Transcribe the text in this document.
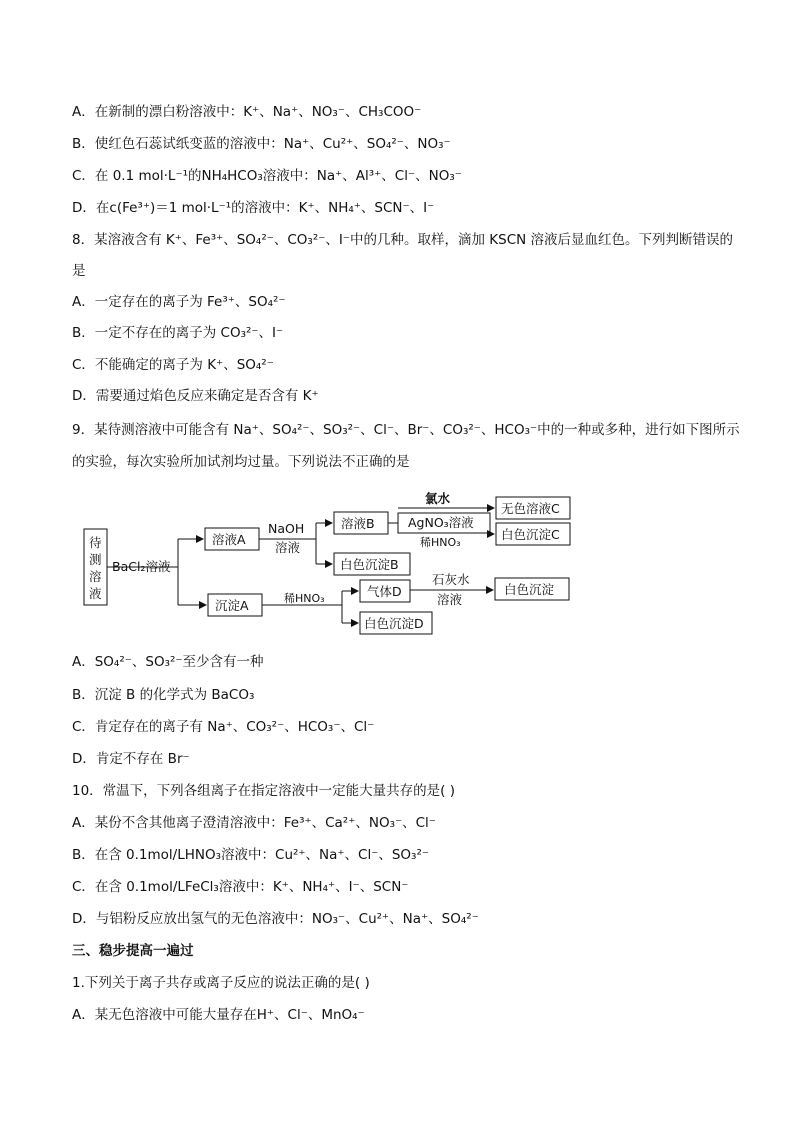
A．在新制的漂白粉溶液中：K⁺、Na⁺、NO₃⁻、CH₃COO⁻
B．使红色石蕊试纸变蓝的溶液中：Na⁺、Cu²⁺、SO₄²⁻、NO₃⁻
C．在 0.1 mol·L⁻¹的NH₄HCO₃溶液中：Na⁺、Al³⁺、Cl⁻、NO₃⁻
D．在c(Fe³⁺)＝1 mol·L⁻¹的溶液中：K⁺、NH₄⁺、SCN⁻、I⁻
8．某溶液含有 K⁺、Fe³⁺、SO₄²⁻、CO₃²⁻、I⁻中的几种。取样，滴加 KSCN 溶液后显血红色。下列判断错误的
是
A．一定存在的离子为 Fe³⁺、SO₄²⁻
B．一定不存在的离子为 CO₃²⁻、I⁻
C．不能确定的离子为 K⁺、SO₄²⁻
D．需要通过焰色反应来确定是否含有 K⁺
9．某待测溶液中可能含有 Na⁺、SO₄²⁻、SO₃²⁻、Cl⁻、Br⁻、CO₃²⁻、HCO₃⁻中的一种或多种，进行如下图所示
的实验，每次实验所加试剂均过量。下列说法不正确的是
待
测
溶
液
BaCl₂溶液
溶液A
NaOH
溶液
溶液B
白色沉淀B
氯水
AgNO₃溶液
稀HNO₃
无色溶液C
白色沉淀C
沉淀A	稀HNO₃	气体D
白色沉淀D
石灰水
溶液
白色沉淀
A．SO₄²⁻、SO₃²⁻至少含有一种
B．沉淀 B 的化学式为 BaCO₃
C．肯定存在的离子有 Na⁺、CO₃²⁻、HCO₃⁻、Cl⁻
D．肯定不存在 Br⁻
10．常温下，下列各组离子在指定溶液中一定能大量共存的是( )
A．某份不含其他离子澄清溶液中：Fe³⁺、Ca²⁺、NO₃⁻、Cl⁻
B．在含 0.1mol/LHNO₃溶液中：Cu²⁺、Na⁺、Cl⁻、SO₃²⁻
C．在含 0.1mol/LFeCl₃溶液中：K⁺、NH₄⁺、I⁻、SCN⁻
D．与铝粉反应放出氢气的无色溶液中：NO₃⁻、Cu²⁺、Na⁺、SO₄²⁻
三、稳步提高一遍过
1.下列关于离子共存或离子反应的说法正确的是( )
A．某无色溶液中可能大量存在H⁺、Cl⁻、MnO₄⁻
